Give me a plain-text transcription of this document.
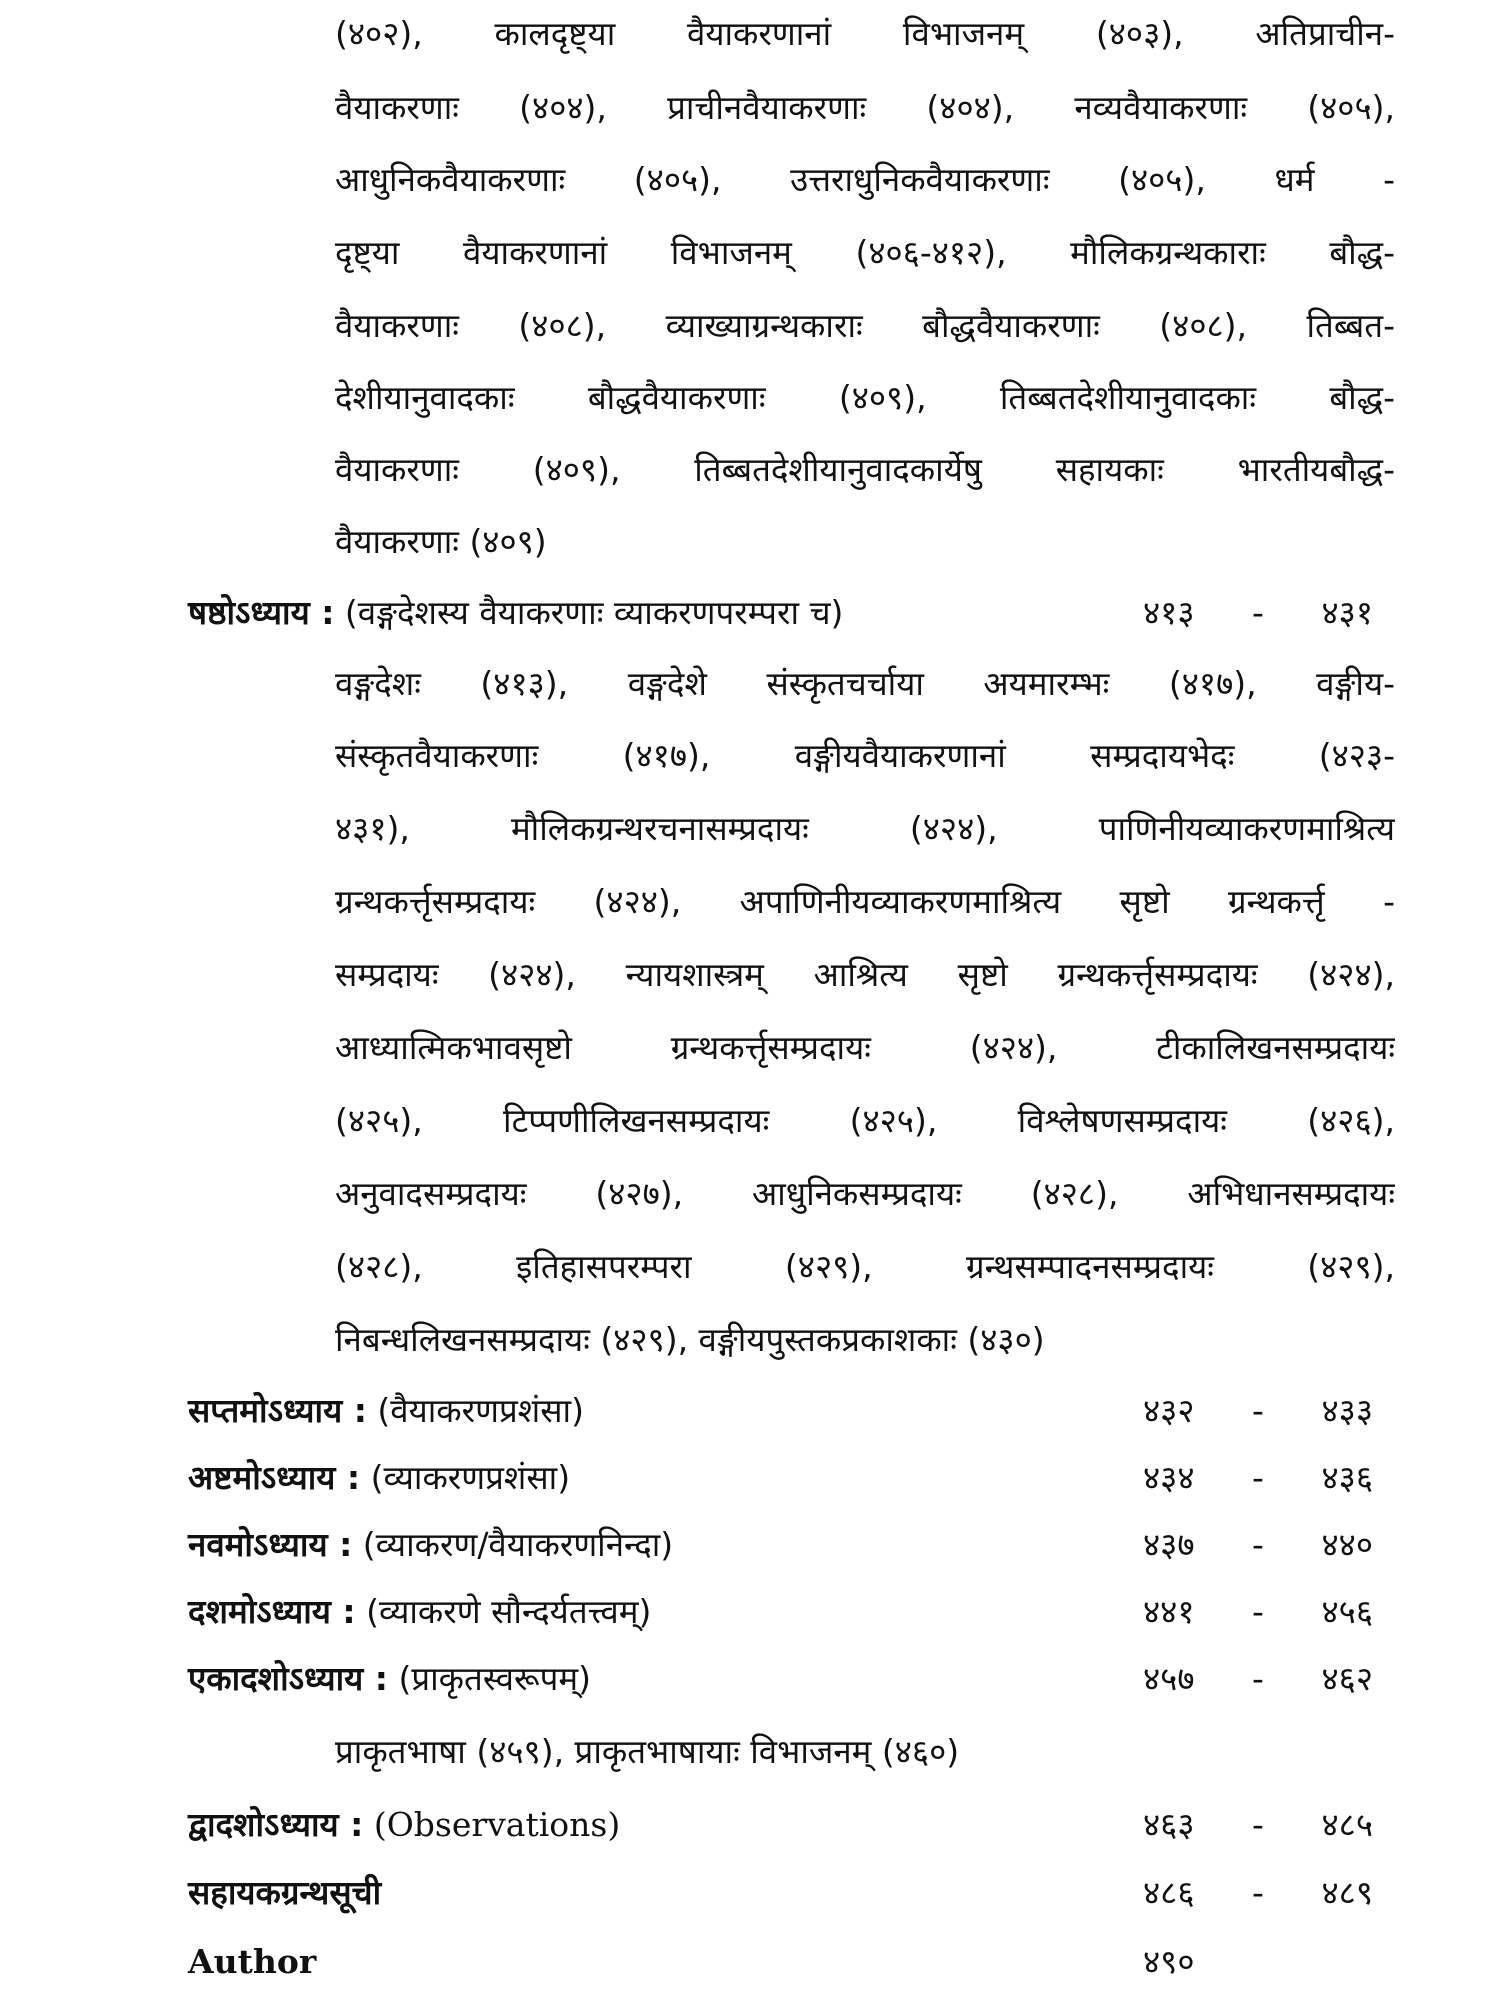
(४०२), कालदृष्ट्या वैयाकरणानां विभाजनम् (४०३), अतिप्राचीन-
वैयाकरणाः (४०४), प्राचीनवैयाकरणाः (४०४), नव्यवैयाकरणाः (४०५),
आधुनिकवैयाकरणाः (४०५), उत्तराधुनिकवैयाकरणाः (४०५), धर्म -
दृष्ट्या वैयाकरणानां विभाजनम् (४०६-४१२), मौलिकग्रन्थकाराः बौद्ध-
वैयाकरणाः (४०८), व्याख्याग्रन्थकाराः बौद्धवैयाकरणाः (४०८), तिब्बत-
देशीयानुवादकाः बौद्धवैयाकरणाः (४०९), तिब्बतदेशीयानुवादकाः बौद्ध-
वैयाकरणाः (४०९), तिब्बतदेशीयानुवादकार्येषु सहायकाः भारतीयबौद्ध-
वैयाकरणाः (४०९)
षष्ठोऽध्याय : (वङ्गदेशस्य वैयाकरणाः व्याकरणपरम्परा च)	४१३ - ४३१
वङ्गदेशः (४१३), वङ्गदेशे संस्कृतचर्चाया अयमारम्भः (४१७), वङ्गीय-
संस्कृतवैयाकरणाः (४१७), वङ्गीयवैयाकरणानां सम्प्रदायभेदः (४२३-
४३१), मौलिकग्रन्थरचनासम्प्रदायः (४२४), पाणिनीयव्याकरणमाश्रित्य
ग्रन्थकर्त्तृसम्प्रदायः (४२४), अपाणिनीयव्याकरणमाश्रित्य सृष्टो ग्रन्थकर्त्तृ -
सम्प्रदायः (४२४), न्यायशास्त्रम् आश्रित्य सृष्टो ग्रन्थकर्त्तृसम्प्रदायः (४२४),
आध्यात्मिकभावसृष्टो ग्रन्थकर्त्तृसम्प्रदायः (४२४), टीकालिखनसम्प्रदायः
(४२५), टिप्पणीलिखनसम्प्रदायः (४२५), विश्लेषणसम्प्रदायः (४२६),
अनुवादसम्प्रदायः (४२७), आधुनिकसम्प्रदायः (४२८), अभिधानसम्प्रदायः
(४२८), इतिहासपरम्परा (४२९), ग्रन्थसम्पादनसम्प्रदायः (४२९),
निबन्धलिखनसम्प्रदायः (४२९), वङ्गीयपुस्तकप्रकाशकाः (४३०)
सप्तमोऽध्याय : (वैयाकरणप्रशंसा)	४३२ - ४३३
अष्टमोऽध्याय : (व्याकरणप्रशंसा)	४३४ - ४३६
नवमोऽध्याय : (व्याकरण/वैयाकरणनिन्दा)	४३७ - ४४०
दशमोऽध्याय : (व्याकरणे सौन्दर्यतत्त्वम्)	४४१ - ४५६
एकादशोऽध्याय : (प्राकृतस्वरूपम्)	४५७ - ४६२
प्राकृतभाषा (४५९), प्राकृतभाषायाः विभाजनम् (४६०)
द्वादशोऽध्याय : (Observations)	४६३ - ४८५
सहायकग्रन्थसूची	४८६ - ४८९
Author	४९०
